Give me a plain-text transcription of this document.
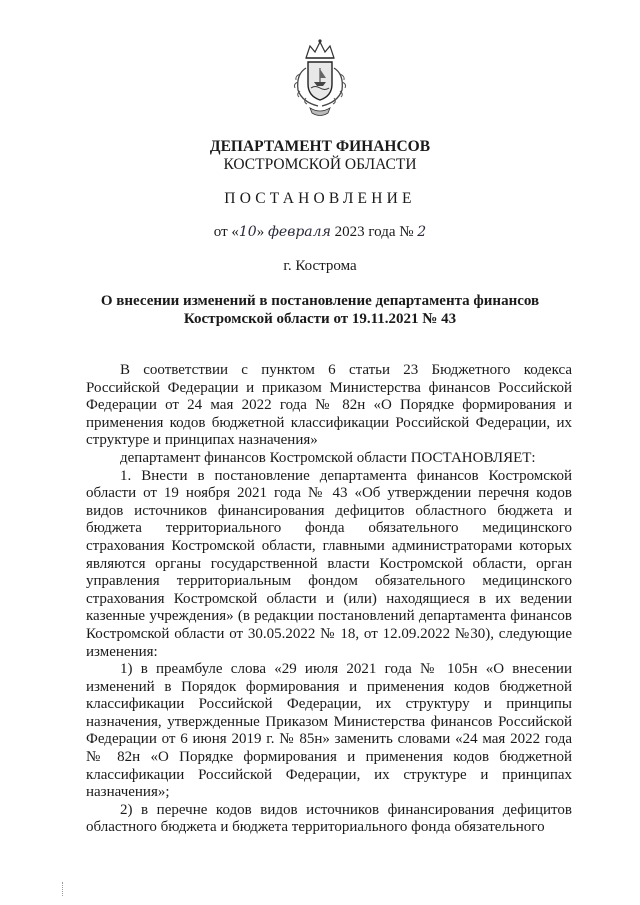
ДЕПАРТАМЕНТ ФИНАНСОВ
КОСТРОМСКОЙ ОБЛАСТИ
ПОСТАНОВЛЕНИЕ
от «10» февраля 2023 года № 2
г. Кострома
О внесении изменений в постановление департамента финансов
Костромской области от 19.11.2021 № 43

В соответствии с пунктом 6 статьи 23 Бюджетного кодекса Российской Федерации и приказом Министерства финансов Российской Федерации от 24 мая 2022 года № 82н «О Порядке формирования и применения кодов бюджетной классификации Российской Федерации, их структуре и принципах назначения»

департамент финансов Костромской области ПОСТАНОВЛЯЕТ:

1. Внести в постановление департамента финансов Костромской области от 19 ноября 2021 года № 43 «Об утверждении перечня кодов видов источников финансирования дефицитов областного бюджета и бюджета территориального фонда обязательного медицинского страхования Костромской области, главными администраторами которых являются органы государственной власти Костромской области, орган управления территориальным фондом обязательного медицинского страхования Костромской области и (или) находящиеся в их ведении казенные учреждения» (в редакции постановлений департамента финансов Костромской области от 30.05.2022 № 18, от 12.09.2022 №30), следующие изменения:

1) в преамбуле слова «29 июля 2021 года № 105н «О внесении изменений в Порядок формирования и применения кодов бюджетной классификации Российской Федерации, их структуру и принципы назначения, утвержденные Приказом Министерства финансов Российской Федерации от 6 июня 2019 г. № 85н» заменить словами «24 мая 2022 года № 82н «О Порядке формирования и применения кодов бюджетной классификации Российской Федерации, их структуре и принципах назначения»;

2) в перечне кодов видов источников финансирования дефицитов областного бюджета и бюджета территориального фонда обязательного
